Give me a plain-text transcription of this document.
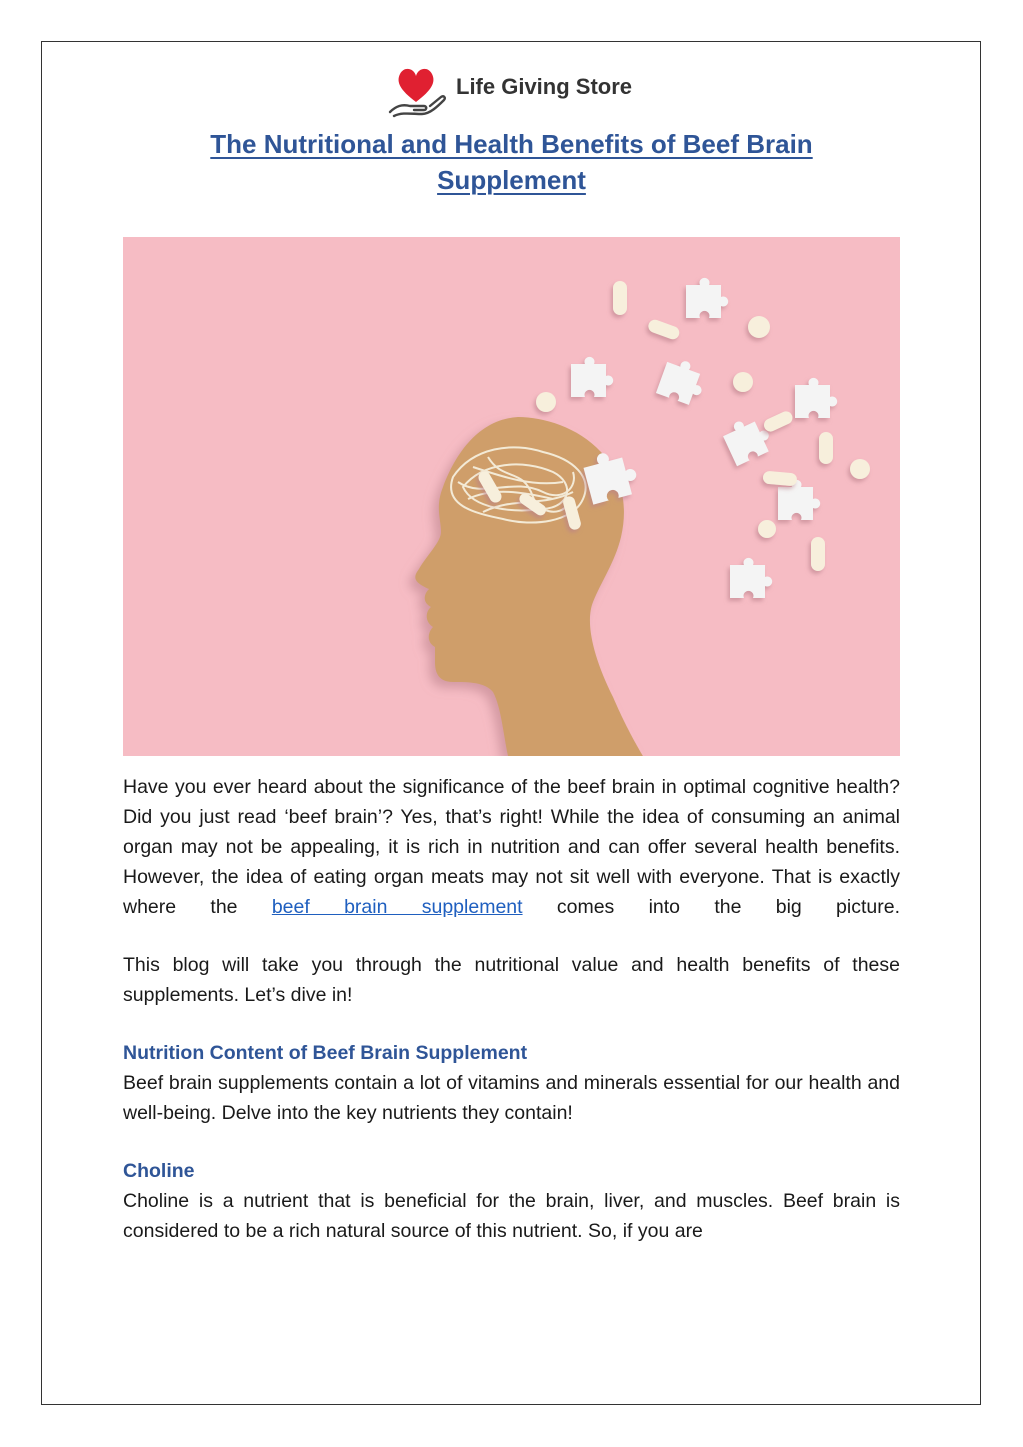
Life Giving Store
The Nutritional and Health Benefits of Beef Brain
Supplement

Have you ever heard about the significance of the beef brain in optimal cognitive health? Did you just read ‘beef brain’? Yes, that’s right! While the idea of consuming an animal organ may not be appealing, it is rich in nutrition and can offer several health benefits. However, the idea of eating organ meats may not sit well with everyone. That is exactly where the beef brain supplement comes into the big picture.

This blog will take you through the nutritional value and health benefits of these supplements. Let’s dive in!

Nutrition Content of Beef Brain Supplement

Beef brain supplements contain a lot of vitamins and minerals essential for our health and well-being. Delve into the key nutrients they contain!

Choline

Choline is a nutrient that is beneficial for the brain, liver, and muscles. Beef brain is considered to be a rich natural source of this nutrient. So, if you are
